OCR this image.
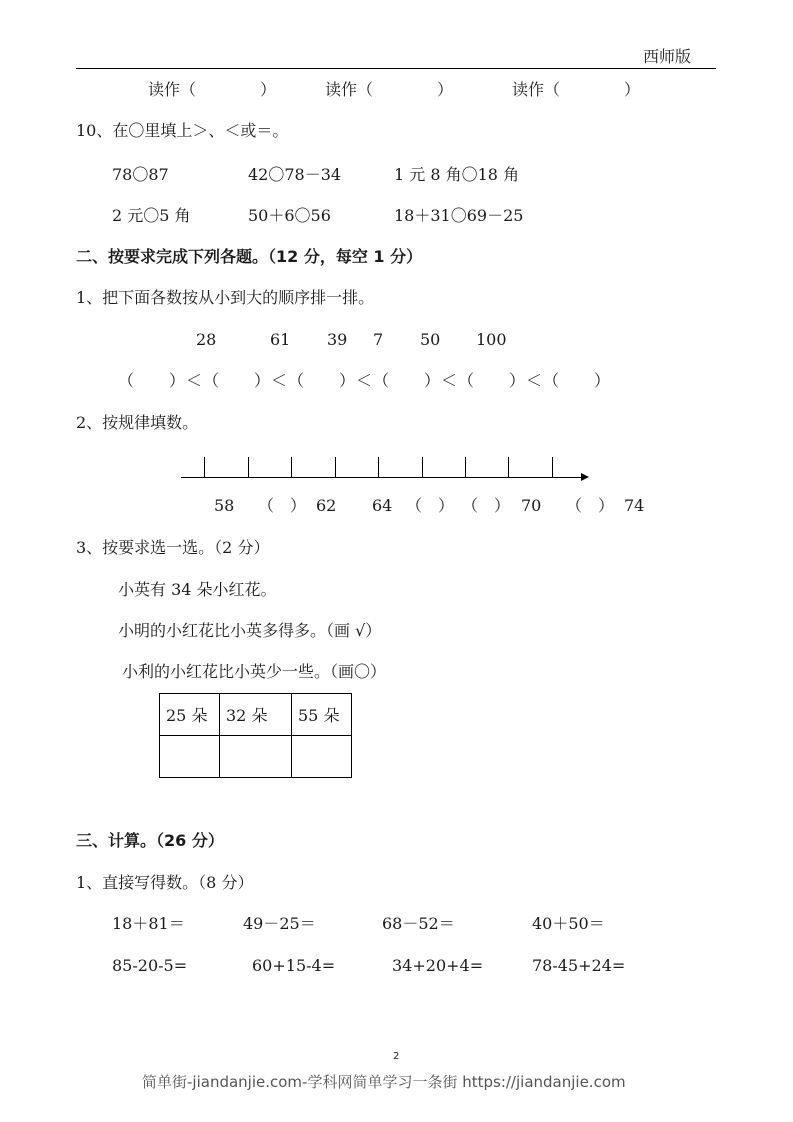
西师版
读作（　　　　）	读作（　　　　）	读作（　　　　）
10、在〇里填上＞、＜或＝。
78〇87	42〇78－34	1 元 8 角〇18 角
2 元〇5 角	50＋6〇56	18＋31〇69－25
二、按要求完成下列各题。（12 分，每空 1 分）
1、把下面各数按从小到大的顺序排一排。
28	61 39 7 50 100
（　　）＜（　　）＜（　　）＜（　　）＜（　　）＜（　　）
2、按规律填数。
58 （　） 62 64 （　） （　） 70 （　） 74
3、按要求选一选。（2 分）
小英有 34 朵小红花。
小明的小红花比小英多得多。（画 √）
小利的小红花比小英少一些。（画〇）
25 朵	32 朵	55 朵

三、计算。（26 分）
1、直接写得数。（8 分）
18＋81＝	49－25＝	68－52＝	40＋50＝
85-20-5=	60+15-4=	34+20+4=	78-45+24=
2
简单街-jiandanjie.com-学科网简单学习一条街 https://jiandanjie.com
